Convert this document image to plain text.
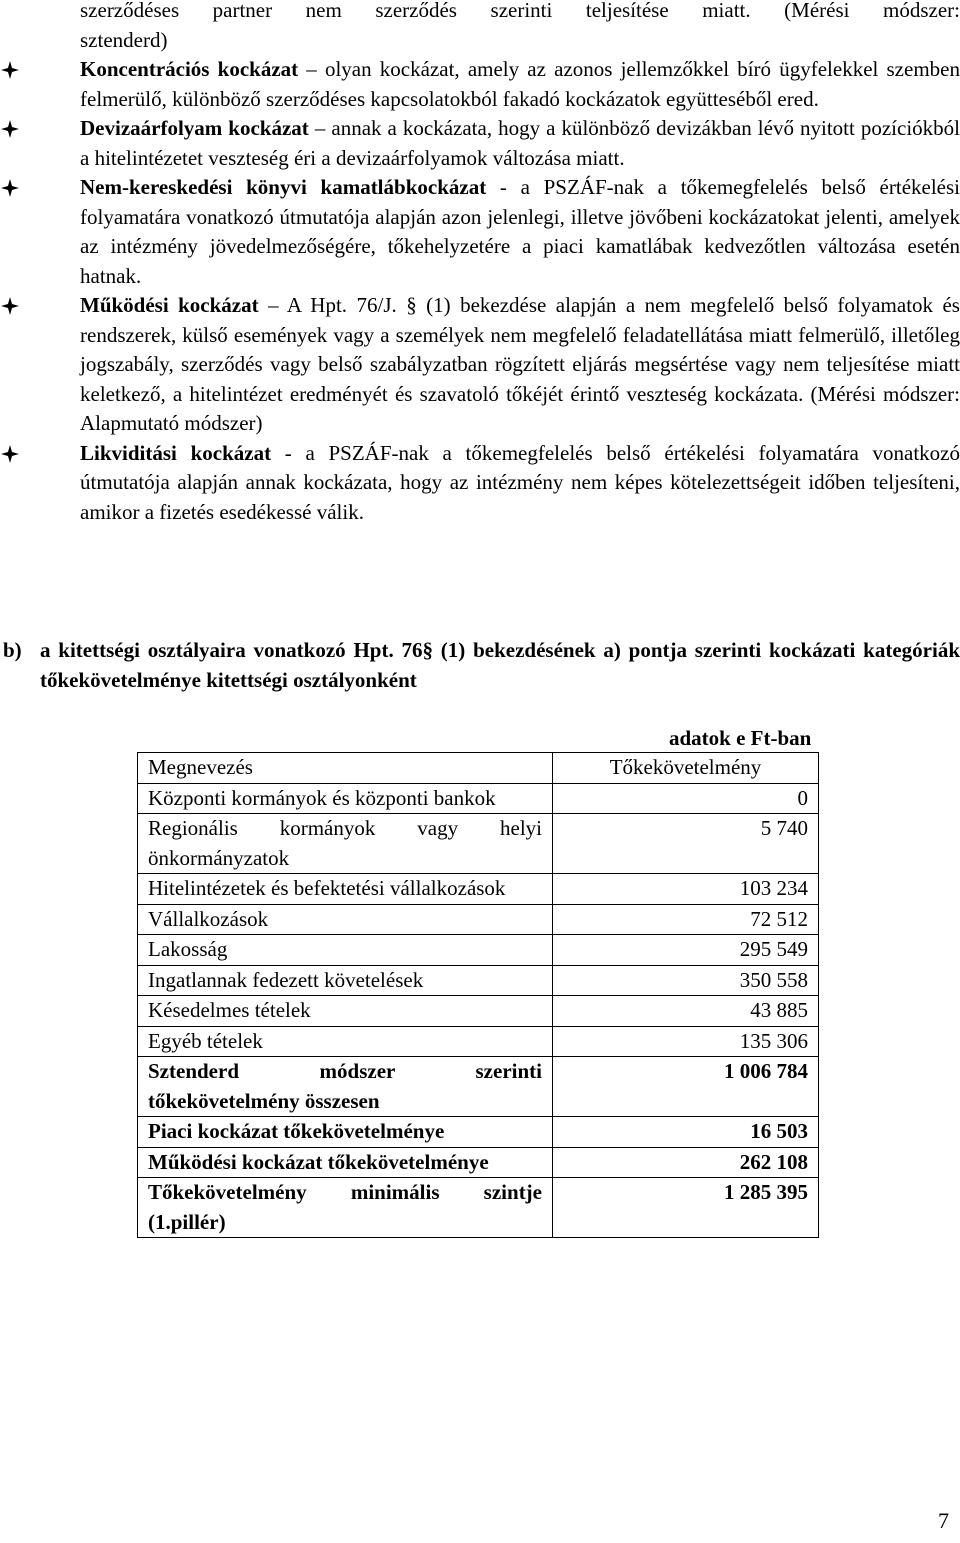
szerződéses partner nem szerződés szerinti teljesítése miatt. (Mérési módszer:

sztenderd)

Koncentrációs kockázat – olyan kockázat, amely az azonos jellemzőkkel bíró ügyfelekkel szemben felmerülő, különböző szerződéses kapcsolatokból fakadó kockázatok együtteséből ered.

Devizaárfolyam kockázat – annak a kockázata, hogy a különböző devizákban lévő nyitott pozíciókból a hitelintézetet veszteség éri a devizaárfolyamok változása miatt.

Nem-kereskedési könyvi kamatlábkockázat - a PSZÁF-nak a tőkemegfelelés belső értékelési folyamatára vonatkozó útmutatója alapján azon jelenlegi, illetve jövőbeni kockázatokat jelenti, amelyek az intézmény jövedelmezőségére, tőkehelyzetére a piaci kamatlábak kedvezőtlen változása esetén hatnak.

Működési kockázat – A Hpt. 76/J. § (1) bekezdése alapján a nem megfelelő belső folyamatok és rendszerek, külső események vagy a személyek nem megfelelő feladatellátása miatt felmerülő, illetőleg jogszabály, szerződés vagy belső szabályzatban rögzített eljárás megsértése vagy nem teljesítése miatt keletkező, a hitelintézet eredményét és szavatoló tőkéjét érintő veszteség kockázata. (Mérési módszer: Alapmutató módszer)

Likviditási kockázat - a PSZÁF-nak a tőkemegfelelés belső értékelési folyamatára vonatkozó útmutatója alapján annak kockázata, hogy az intézmény nem képes kötelezettségeit időben teljesíteni, amikor a fizetés esedékessé válik.

b) a kitettségi osztályaira vonatkozó Hpt. 76§ (1) bekezdésének a) pontja szerinti kockázati kategóriák tőkekövetelménye kitettségi osztályonként

adatok e Ft-ban
Megnevezés	Tőkekövetelmény
Központi kormányok és központi bankok	0
Regionális kormányok vagy helyi önkormányzatok	5 740
Hitelintézetek és befektetési vállalkozások	103 234
Vállalkozások	72 512
Lakosság	295 549
Ingatlannak fedezett követelések	350 558
Késedelmes tételek	43 885
Egyéb tételek	135 306
Sztenderd módszer szerinti tőkekövetelmény összesen	1 006 784
Piaci kockázat tőkekövetelménye	16 503
Működési kockázat tőkekövetelménye	262 108
Tőkekövetelmény minimális szintje (1.pillér)	1 285 395
7
